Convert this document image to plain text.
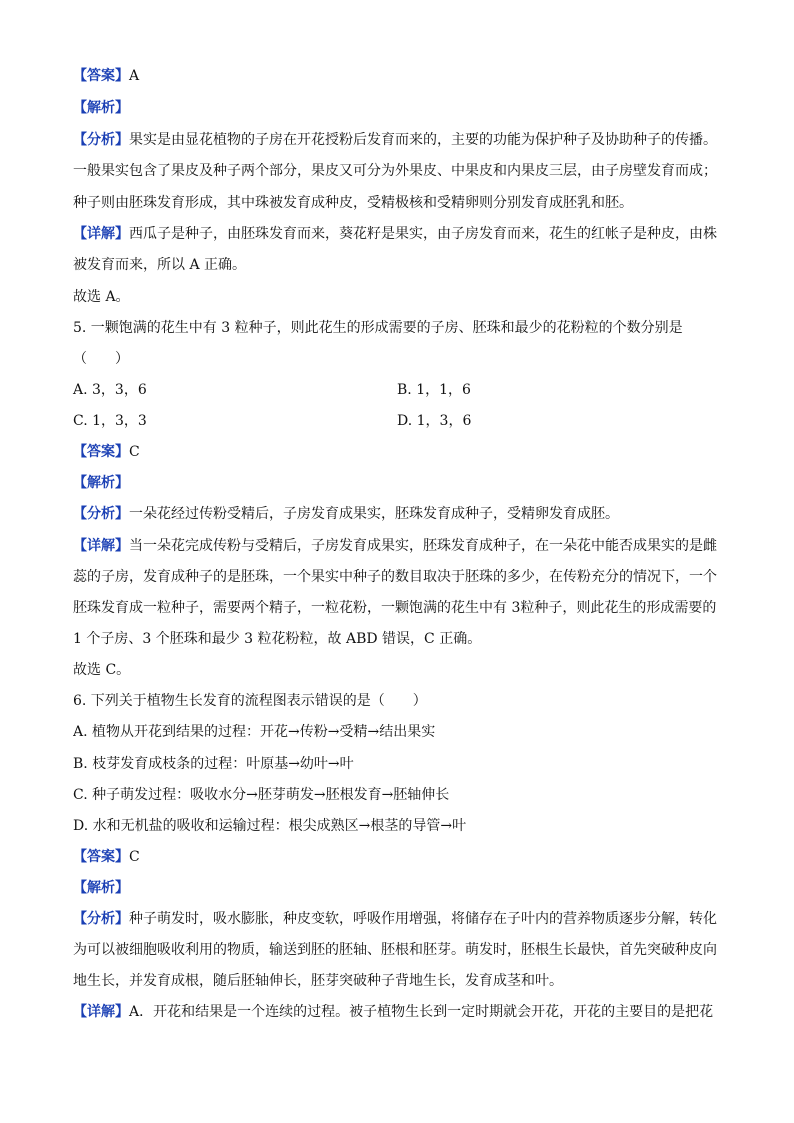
【答案】A
【解析】
【分析】果实是由显花植物的子房在开花授粉后发育而来的，主要的功能为保护种子及协助种子的传播。
一般果实包含了果皮及种子两个部分，果皮又可分为外果皮、中果皮和内果皮三层，由子房壁发育而成；
种子则由胚珠发育形成，其中珠被发育成种皮，受精极核和受精卵则分别发育成胚乳和胚。
【详解】西瓜子是种子，由胚珠发育而来，葵花籽是果实，由子房发育而来，花生的红帐子是种皮，由株
被发育而来，所以 A 正确。
故选 A。
5. 一颗饱满的花生中有 3 粒种子，则此花生的形成需要的子房、胚珠和最少的花粉粒的个数分别是
（　　）
A. 3，3，6	B. 1，1，6
C. 1，3，3	D. 1，3，6
【答案】C
【解析】
【分析】一朵花经过传粉受精后，子房发育成果实，胚珠发育成种子，受精卵发育成胚。
【详解】当一朵花完成传粉与受精后，子房发育成果实，胚珠发育成种子，在一朵花中能否成果实的是雌
蕊的子房，发育成种子的是胚珠，一个果实中种子的数目取决于胚珠的多少，在传粉充分的情况下，一个
胚珠发育成一粒种子，需要两个精子，一粒花粉，一颗饱满的花生中有 3粒种子，则此花生的形成需要的
1 个子房、3 个胚珠和最少 3 粒花粉粒，故 ABD 错误，C 正确。
故选 C。
6. 下列关于植物生长发育的流程图表示错误的是（　　）
A. 植物从开花到结果的过程：开花→传粉→受精→结出果实
B. 枝芽发育成枝条的过程：叶原基→幼叶→叶
C. 种子萌发过程：吸收水分→胚芽萌发→胚根发育→胚轴伸长
D. 水和无机盐的吸收和运输过程：根尖成熟区→根茎的导管→叶
【答案】C
【解析】
【分析】种子萌发时，吸水膨胀，种皮变软，呼吸作用增强，将储存在子叶内的营养物质逐步分解，转化
为可以被细胞吸收利用的物质，输送到胚的胚轴、胚根和胚芽。萌发时，胚根生长最快，首先突破种皮向
地生长，并发育成根，随后胚轴伸长，胚芽突破种子背地生长，发育成茎和叶。
【详解】A．开花和结果是一个连续的过程。被子植物生长到一定时期就会开花，开花的主要目的是把花
